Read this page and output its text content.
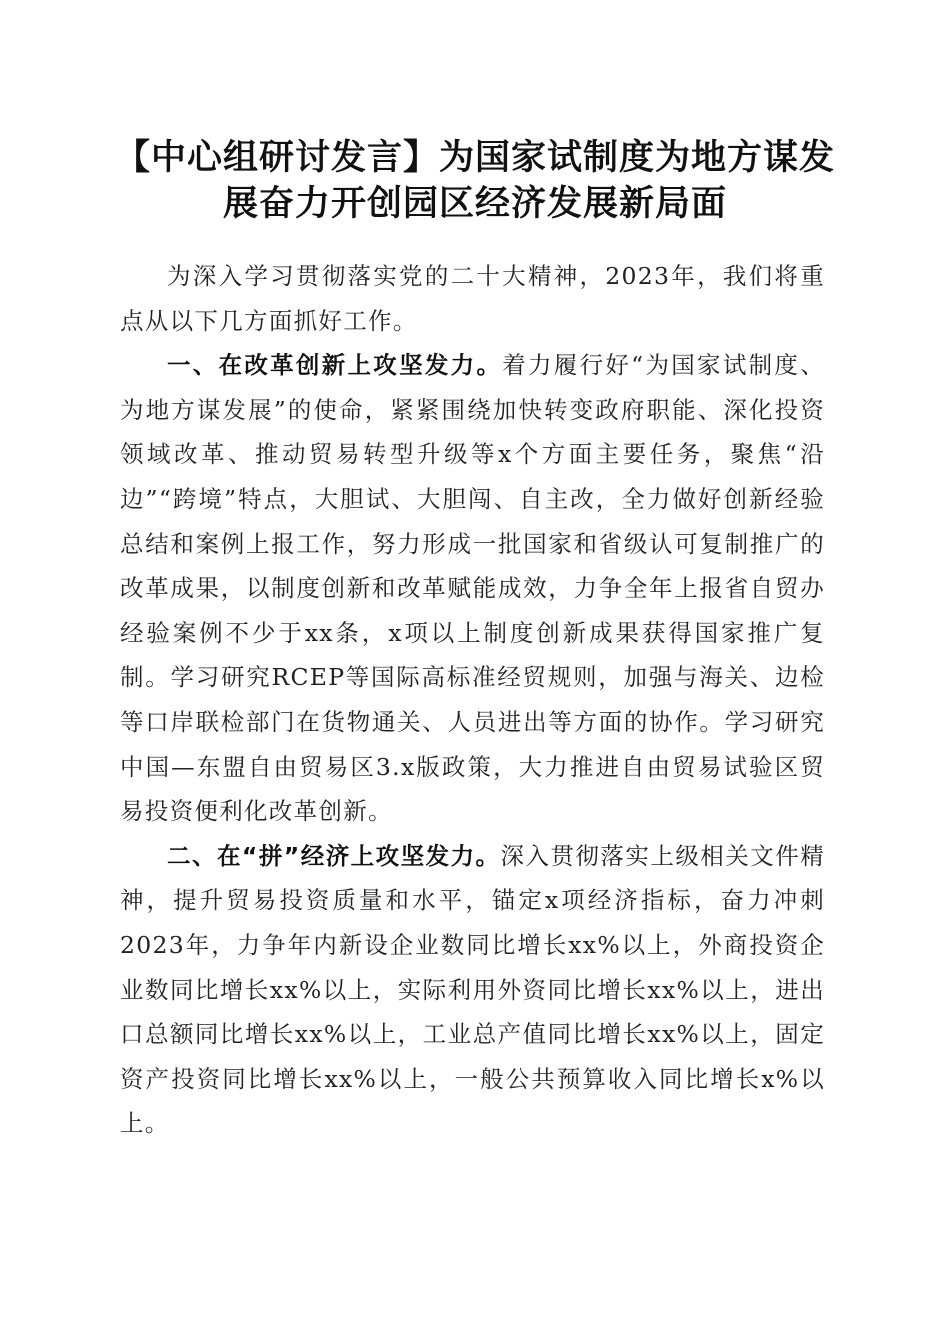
【中心组研讨发言】为国家试制度为地方谋发
展奋力开创园区经济发展新局面

为深入学习贯彻落实党的二十大精神，2023年，我们将重点从以下几方面抓好工作。

一、在改革创新上攻坚发力。着力履行好“为国家试制度、为地方谋发展”的使命，紧紧围绕加快转变政府职能、深化投资领域改革、推动贸易转型升级等x个方面主要任务，聚焦“沿边”“跨境”特点，大胆试、大胆闯、自主改，全力做好创新经验总结和案例上报工作，努力形成一批国家和省级认可复制推广的改革成果，以制度创新和改革赋能成效，力争全年上报省自贸办经验案例不少于xx条，x项以上制度创新成果获得国家推广复制。学习研究RCEP等国际高标准经贸规则，加强与海关、边检等口岸联检部门在货物通关、人员进出等方面的协作。学习研究中国—东盟自由贸易区3.x版政策，大力推进自由贸易试验区贸易投资便利化改革创新。

二、在“拼”经济上攻坚发力。深入贯彻落实上级相关文件精神，提升贸易投资质量和水平，锚定x项经济指标，奋力冲刺2023年，力争年内新设企业数同比增长xx%以上，外商投资企业数同比增长xx%以上，实际利用外资同比增长xx%以上，进出口总额同比增长xx%以上，工业总产值同比增长xx%以上，固定资产投资同比增长xx%以上，一般公共预算收入同比增长x%以上。
